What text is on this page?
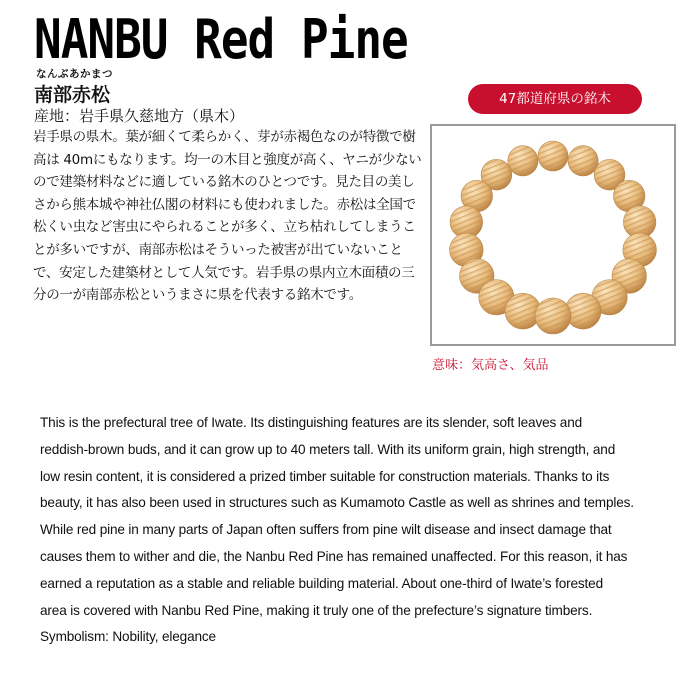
NANBU Red Pine
なんぶあかまつ
南部赤松
産地：岩手県久慈地方（県木）

岩手県の県木。葉が細くて柔らかく、芽が赤褐色なのが特徴で樹高は 40mにもなります。均一の木目と強度が高く、ヤニが少ないので建築材料などに適している銘木のひとつです。見た目の美しさから熊本城や神社仏閣の材料にも使われました。赤松は全国で松くい虫など害虫にやられることが多く、立ち枯れしてしまうことが多いですが、南部赤松はそういった被害が出ていないことで、安定した建築材として人気です。岩手県の県内立木面積の三分の一が南部赤松というまさに県を代表する銘木です。

47都道府県の銘木
意味：気高さ、気品
This is the prefectural tree of Iwate. Its distinguishing features are its slender, soft leaves and
reddish-brown buds, and it can grow up to 40 meters tall. With its uniform grain, high strength, and
low resin content, it is considered a prized timber suitable for construction materials. Thanks to its
beauty, it has also been used in structures such as Kumamoto Castle as well as shrines and temples.
While red pine in many parts of Japan often suffers from pine wilt disease and insect damage that
causes them to wither and die, the Nanbu Red Pine has remained unaffected. For this reason, it has
earned a reputation as a stable and reliable building material. About one-third of Iwate’s forested
area is covered with Nanbu Red Pine, making it truly one of the prefecture’s signature timbers.
Symbolism: Nobility, elegance
